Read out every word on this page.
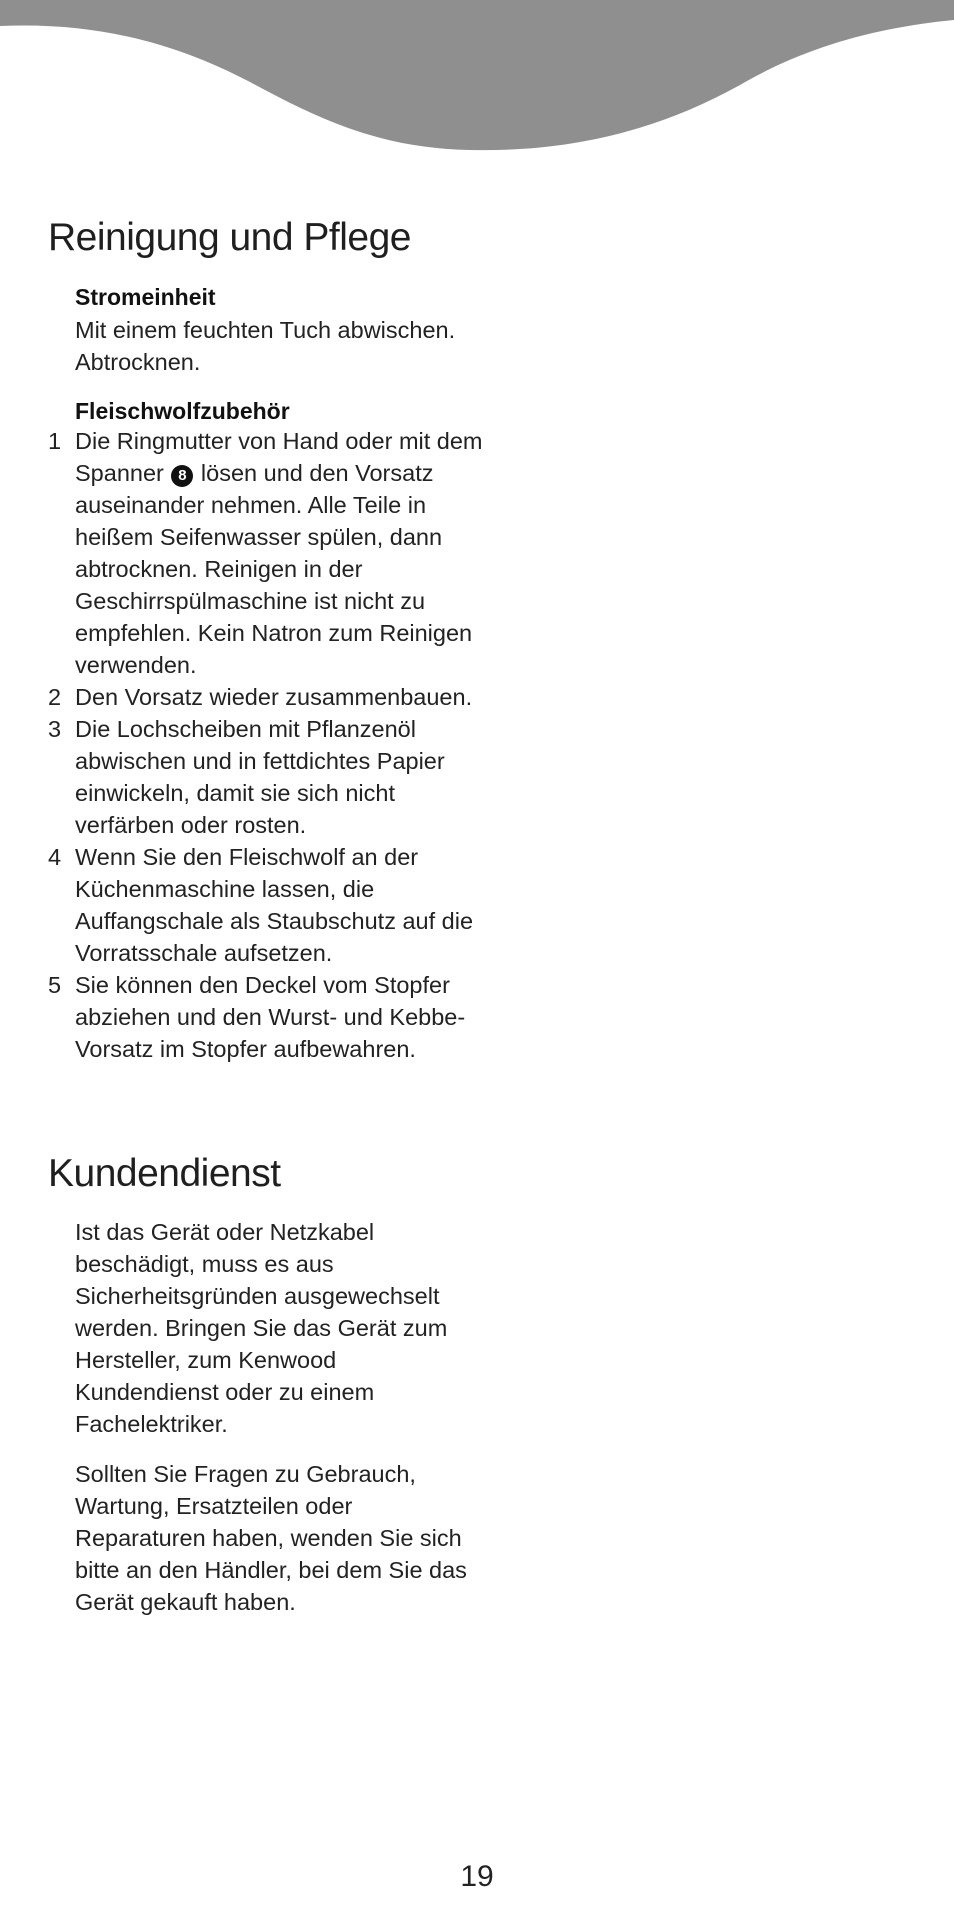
Reinigung und Pflege
Stromeinheit

Mit einem feuchten Tuch abwischen.
Abtrocknen.

Fleischwolfzubehör
1 Die Ringmutter von Hand oder mit dem Spanner 8 lösen und den Vorsatz auseinander nehmen. Alle Teile in heißem Seifenwasser spülen, dann abtrocknen. Reinigen in der Geschirrspülmaschine ist nicht zu empfehlen. Kein Natron zum Reinigen verwenden.
2 Den Vorsatz wieder zusammenbauen.
3 Die Lochscheiben mit Pflanzenöl abwischen und in fettdichtes Papier einwickeln, damit sie sich nicht verfärben oder rosten.
4 Wenn Sie den Fleischwolf an der Küchenmaschine lassen, die Auffangschale als Staubschutz auf die Vorratsschale aufsetzen.
5 Sie können den Deckel vom Stopfer abziehen und den Wurst- und Kebbe-Vorsatz im Stopfer aufbewahren.
Kundendienst

Ist das Gerät oder Netzkabel beschädigt, muss es aus Sicherheitsgründen ausgewechselt werden. Bringen Sie das Gerät zum Hersteller, zum Kenwood Kundendienst oder zu einem Fachelektriker.

Sollten Sie Fragen zu Gebrauch, Wartung, Ersatzteilen oder Reparaturen haben, wenden Sie sich bitte an den Händler, bei dem Sie das Gerät gekauft haben.

19
